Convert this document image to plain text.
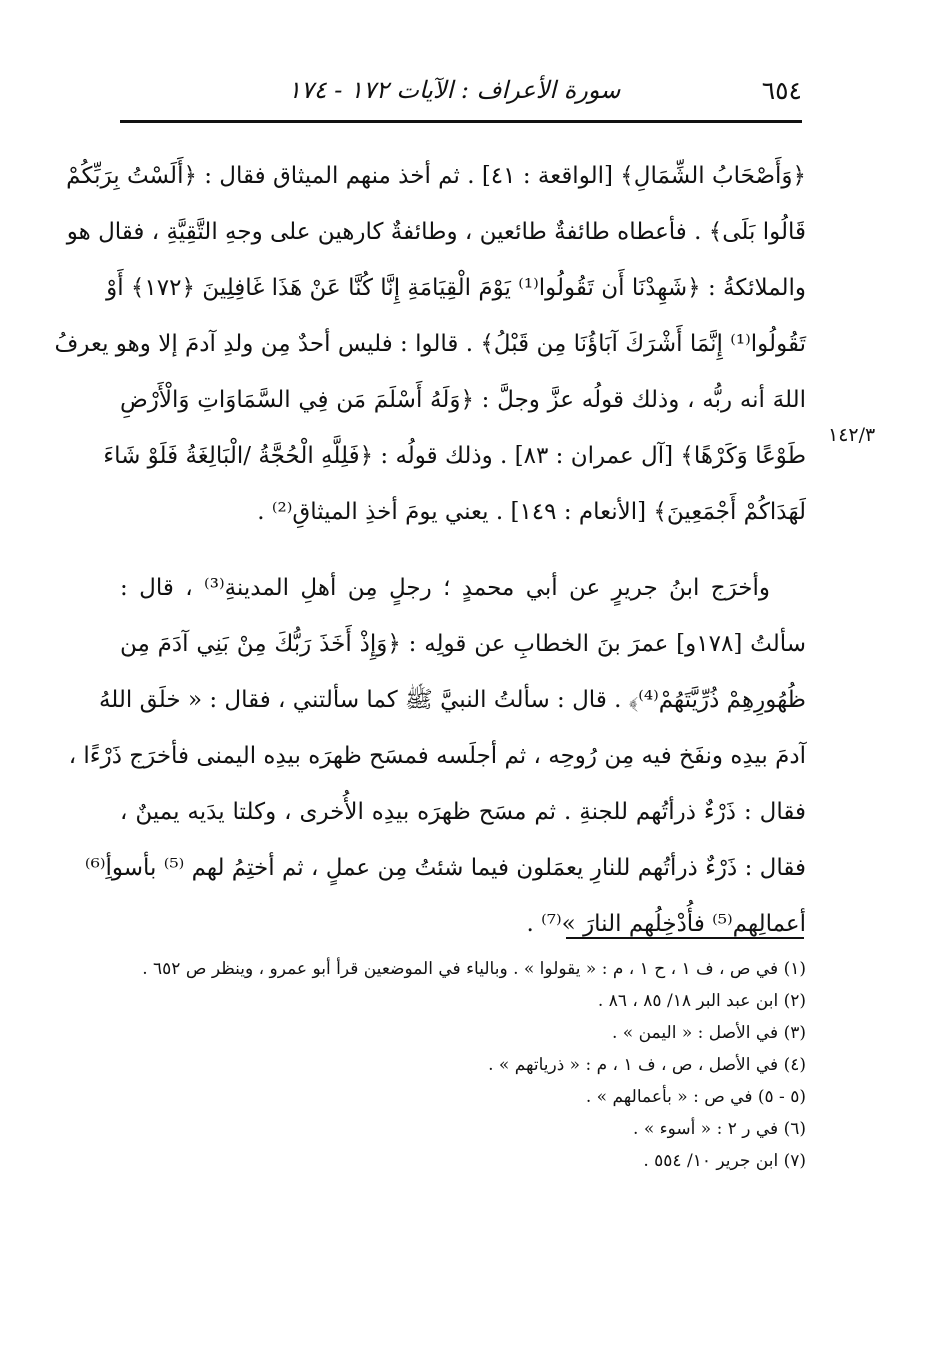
٦٥٤
سورة الأعراف : الآيات ١٧٢ - ١٧٤
﴿وَأَصْحَابُ الشِّمَالِ﴾ [الواقعة : ٤١] . ثم أخذ منهم الميثاق فقال : ﴿أَلَسْتُ بِرَبِّكُمْ
قَالُوا بَلَى﴾ . فأعطاه طائفةٌ طائعين ، وطائفةٌ كارهين على وجهِ التَّقِيَّةِ ، فقال هو
والملائكةُ : ﴿شَهِدْنَا أَن تَقُولُوا⁽¹⁾ يَوْمَ الْقِيَامَةِ إِنَّا كُنَّا عَنْ هَذَا غَافِلِينَ ﴿١٧٢﴾ أَوْ
تَقُولُوا⁽¹⁾ إِنَّمَا أَشْرَكَ آبَاؤُنَا مِن قَبْلُ﴾ . قالوا : فليس أحدٌ مِن ولدِ آدمَ إلا وهو يعرفُ
اللهَ أنه ربُّه ، وذلك قولُه عزَّ وجلَّ : ﴿وَلَهُ أَسْلَمَ مَن فِي السَّمَاوَاتِ وَالْأَرْضِ
طَوْعًا وَكَرْهًا﴾ [آل عمران : ٨٣] . وذلك قولُه : ﴿فَلِلَّهِ الْحُجَّةُ /الْبَالِغَةُ فَلَوْ شَاءَ
لَهَدَاكُمْ أَجْمَعِينَ﴾ [الأنعام : ١٤٩] . يعني يومَ أخذِ الميثاقِ⁽²⁾ .
وأخرَج ابنُ جريرٍ عن أبي محمدٍ ؛ رجلٍ مِن أهلِ المدينةِ⁽³⁾ ، قال :
سألتُ [١٧٨و] عمرَ بنَ الخطابِ عن قولِه : ﴿وَإِذْ أَخَذَ رَبُّكَ مِنْ بَنِي آدَمَ مِن
ظُهُورِهِمْ ذُرِّيَّتَهُمْ⁽⁴⁾﴾ . قال : سألتُ النبيَّ ﷺ كما سألتني ، فقال : « خلَق اللهُ
آدمَ بيدِه ونفَخ فيه مِن رُوحِه ، ثم أجلَسه فمسَح ظهرَه بيدِه اليمنى فأخرَج ذَرْءًا ،
فقال : ذَرْءٌ ذرأتُهم للجنةِ . ثم مسَح ظهرَه بيدِه الأُخرى ، وكلتا يدَيه يمينٌ ،
فقال : ذَرْءٌ ذرأتُهم للنارِ يعمَلون فيما شئتُ مِن عملٍ ، ثم أختِمُ لهم ⁽⁵⁾ بأسوأِ⁽⁶⁾
أعمالِهم⁽⁵⁾ فأُدْخِلُهم النارَ »⁽⁷⁾ .
١٤٢/٣
(١) في ص ، ف ١ ، ح ١ ، م : « يقولوا » . وبالياء في الموضعين قرأ أبو عمرو ، وينظر ص ٦٥٢ .
(٢) ابن عبد البر ١٨/ ٨٥ ، ٨٦ .
(٣) في الأصل : « اليمن » .
(٤) في الأصل ، ص ، ف ١ ، م : « ذرياتهم » .
(٥ - ٥) في ص : « بأعمالهم » .
(٦) في ر ٢ : « أسوء » .
(٧) ابن جرير ١٠/ ٥٥٤ .
